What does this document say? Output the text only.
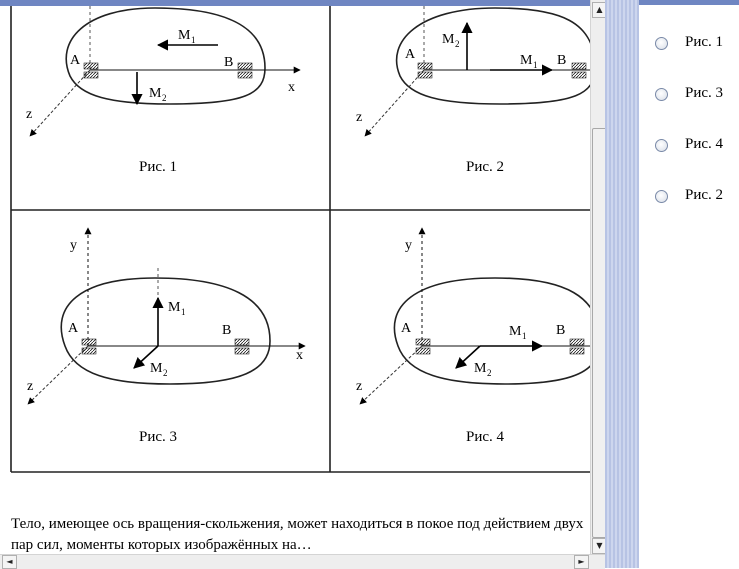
A	B
x
z
M 1
M 2
A	B
z
M 2
M 1
y
A	B
x
z
M 1
M 2
y
A	B
z
M 1
M 2
Рис. 1	Рис. 2
Рис. 3	Рис. 4
Тело, имеющее ось вращения-скольжения, может находиться в покое под действием двух пар сил, моменты которых изображённых на…
▲
▼
◄	►
Рис. 1
Рис. 3
Рис. 4
Рис. 2
